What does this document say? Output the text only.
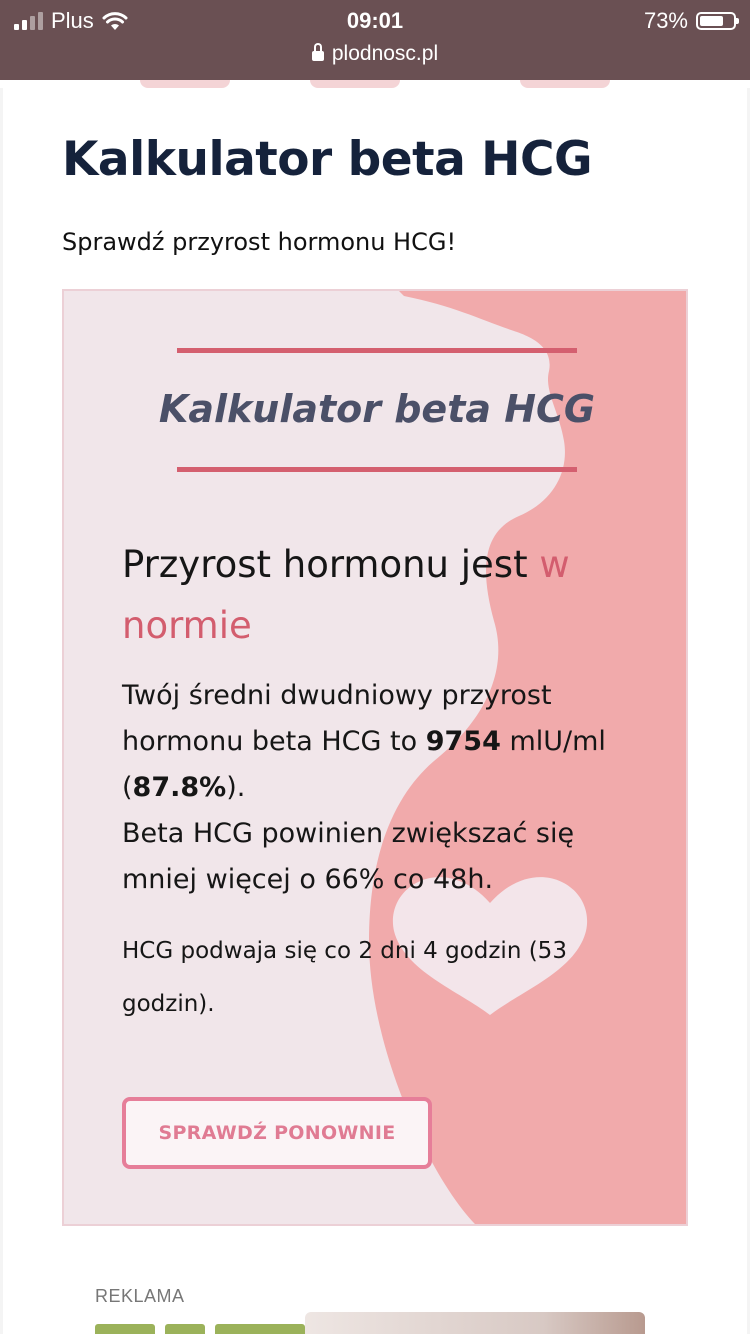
Plus	09:01	73%
plodnosc.pl
Kalkulator beta HCG

Sprawdź przyrost hormonu HCG!

Kalkulator beta HCG
Przyrost hormonu jest w normie
Twój średni dwudniowy przyrost hormonu beta HCG to 9754 mlU/ml (87.8%).
Beta HCG powinien zwiększać się mniej więcej o 66% co 48h.
HCG podwaja się co 2 dni 4 godzin (53 godzin).
SPRAWDŹ PONOWNIE
REKLAMA
